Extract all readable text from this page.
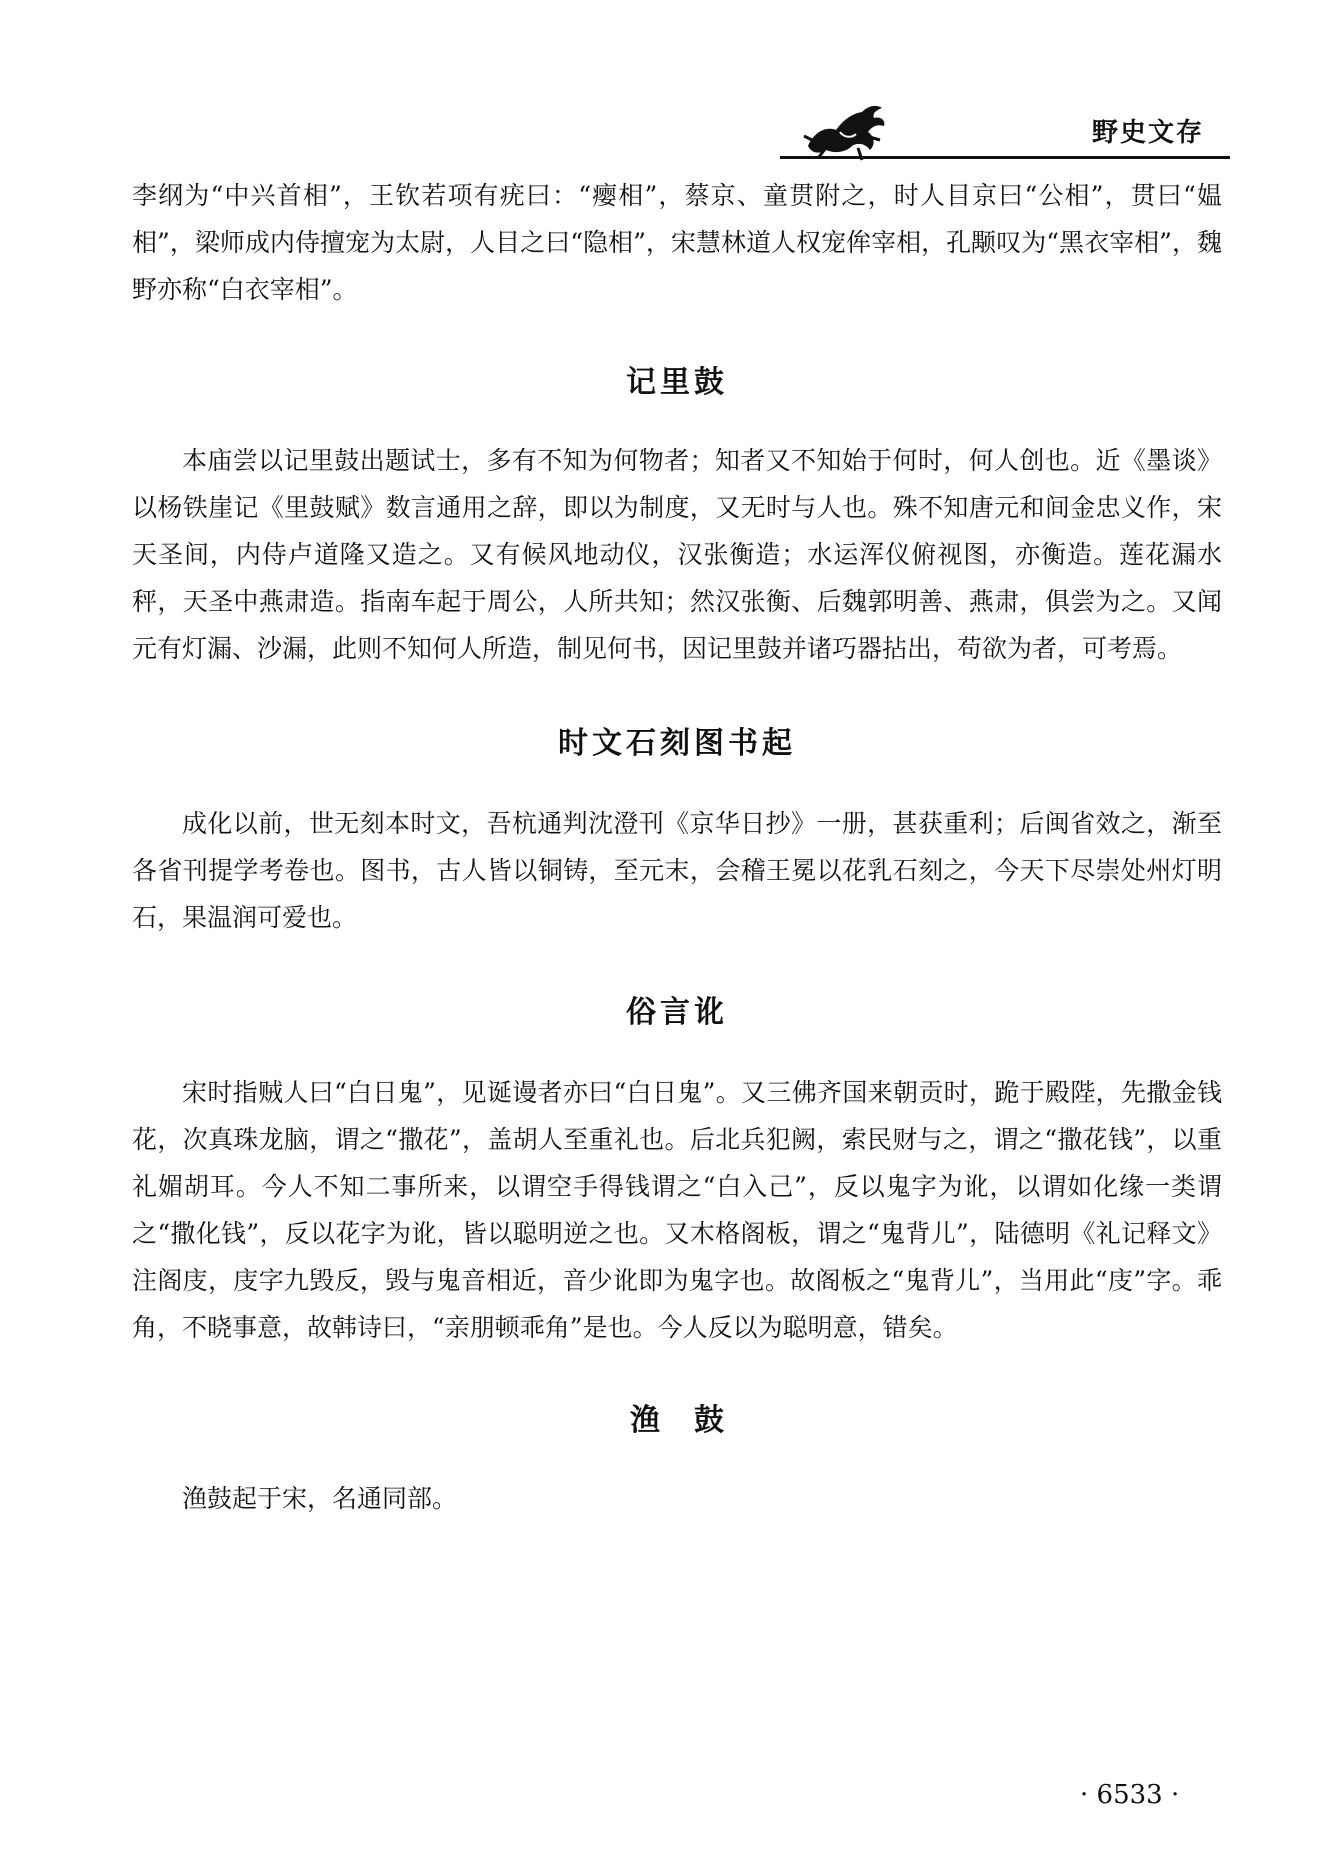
野史文存

李纲为“中兴首相”，王钦若项有疣曰：“瘿相”，蔡京、童贯附之，时人目京曰“公相”，贯曰“媪相”，梁师成内侍擅宠为太尉，人目之曰“隐相”，宋慧林道人权宠侔宰相，孔颙叹为“黑衣宰相”，魏野亦称“白衣宰相”。

记里鼓

本庙尝以记里鼓出题试士，多有不知为何物者；知者又不知始于何时，何人创也。近《墨谈》以杨铁崖记《里鼓赋》数言通用之辞，即以为制度，又无时与人也。殊不知唐元和间金忠义作，宋天圣间，内侍卢道隆又造之。又有候风地动仪，汉张衡造；水运浑仪俯视图，亦衡造。莲花漏水秤，天圣中燕肃造。指南车起于周公，人所共知；然汉张衡、后魏郭明善、燕肃，俱尝为之。又闻元有灯漏、沙漏，此则不知何人所造，制见何书，因记里鼓并诸巧器拈出，苟欲为者，可考焉。

时文石刻图书起

成化以前，世无刻本时文，吾杭通判沈澄刊《京华日抄》一册，甚获重利；后闽省效之，渐至各省刊提学考卷也。图书，古人皆以铜铸，至元末，会稽王冕以花乳石刻之，今天下尽崇处州灯明石，果温润可爱也。

俗言讹

宋时指贼人曰“白日鬼”，见诞谩者亦曰“白日鬼”。又三佛齐国来朝贡时，跪于殿陛，先撒金钱花，次真珠龙脑，谓之“撒花”，盖胡人至重礼也。后北兵犯阙，索民财与之，谓之“撒花钱”，以重礼媚胡耳。今人不知二事所来，以谓空手得钱谓之“白入己”，反以鬼字为讹，以谓如化缘一类谓之“撒化钱”，反以花字为讹，皆以聪明逆之也。又木格阁板，谓之“鬼背儿”，陆德明《礼记释文》注阁庋，庋字九毁反，毁与鬼音相近，音少讹即为鬼字也。故阁板之“鬼背儿”，当用此“庋”字。乖角，不晓事意，故韩诗曰，“亲朋顿乖角”是也。今人反以为聪明意，错矣。

渔鼓

渔鼓起于宋，名通同部。

· 6533 ·
